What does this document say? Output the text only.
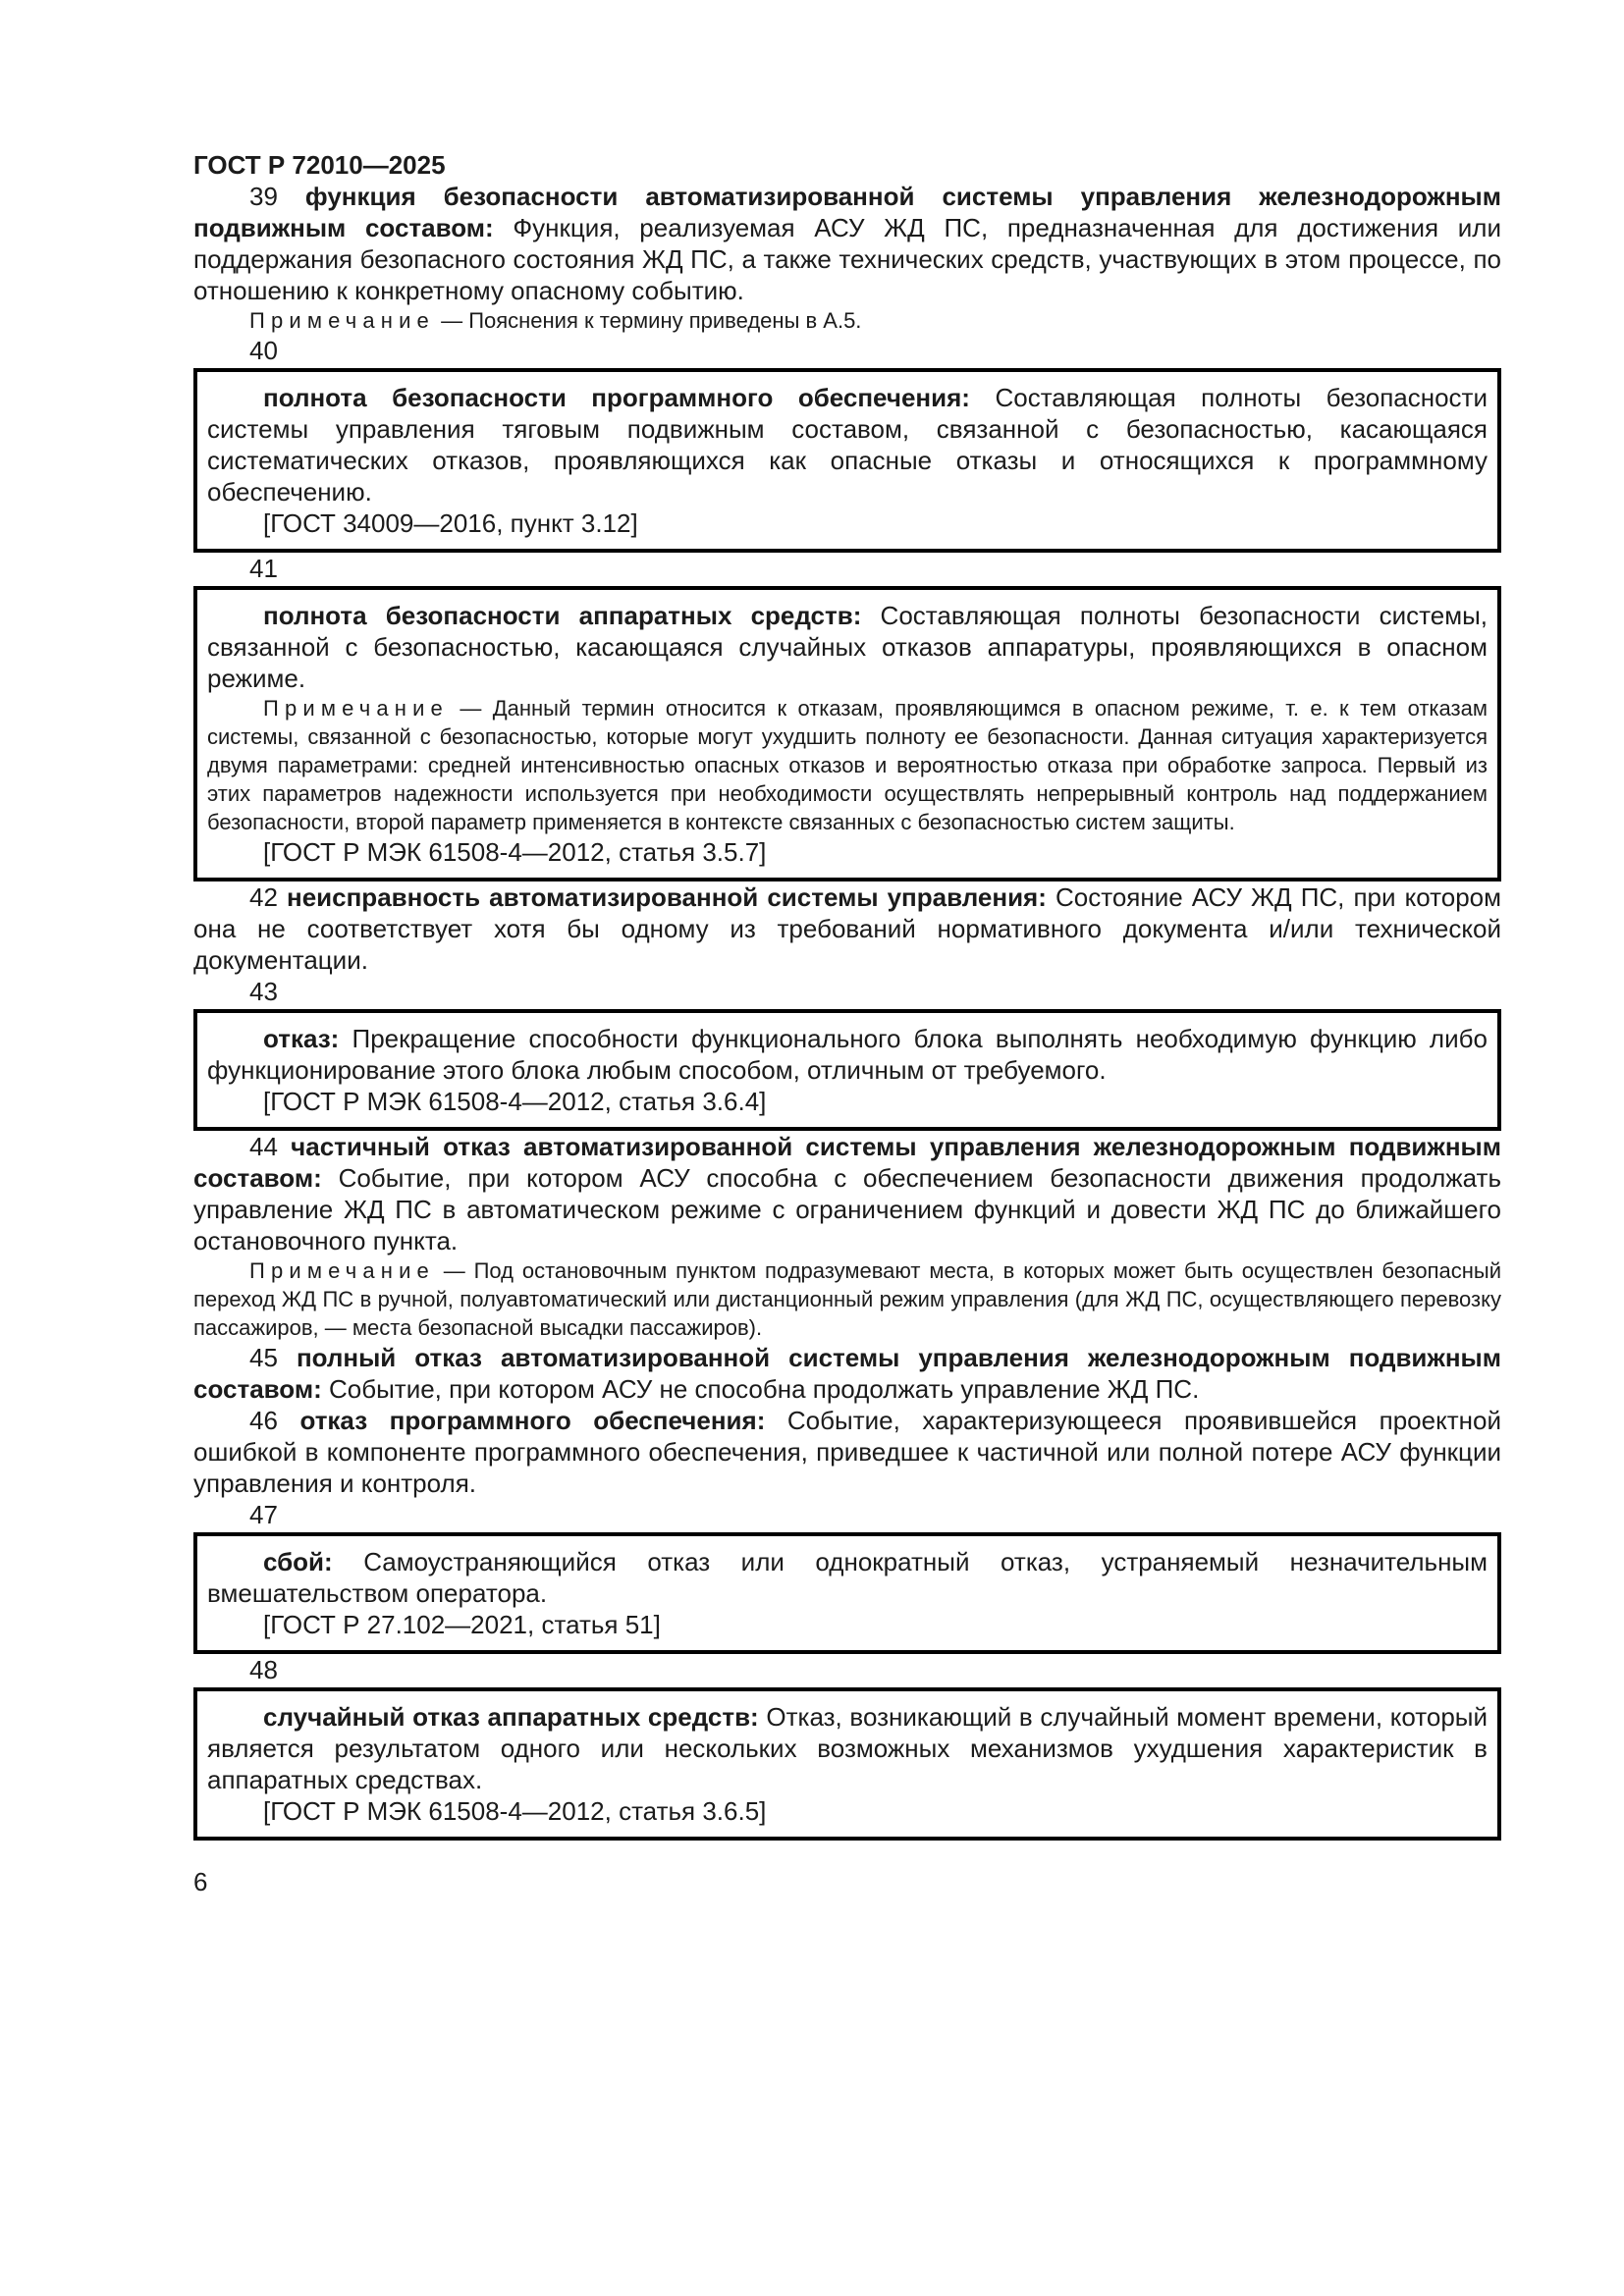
ГОСТ Р 72010—2025

39 функция безопасности автоматизированной системы управления железнодорожным подвижным составом: Функция, реализуемая АСУ ЖД ПС, предназначенная для достижения или поддержания безопасного состояния ЖД ПС, а также технических средств, участвующих в этом процессе, по отношению к конкретному опасному событию.

Примечание — Пояснения к термину приведены в А.5.

40

полнота безопасности программного обеспечения: Составляющая полноты безопасности системы управления тяговым подвижным составом, связанной с безопасностью, касающаяся систематических отказов, проявляющихся как опасные отказы и относящихся к программному обеспечению.

[ГОСТ 34009—2016, пункт 3.12]

41

полнота безопасности аппаратных средств: Составляющая полноты безопасности системы, связанной с безопасностью, касающаяся случайных отказов аппаратуры, проявляющихся в опасном режиме.

Примечание — Данный термин относится к отказам, проявляющимся в опасном режиме, т. е. к тем отказам системы, связанной с безопасностью, которые могут ухудшить полноту ее безопасности. Данная ситуация характеризуется двумя параметрами: средней интенсивностью опасных отказов и вероятностью отказа при обработке запроса. Первый из этих параметров надежности используется при необходимости осуществлять непрерывный контроль над поддержанием безопасности, второй параметр применяется в контексте связанных с безопасностью систем защиты.

[ГОСТ Р МЭК 61508-4—2012, статья 3.5.7]

42 неисправность автоматизированной системы управления: Состояние АСУ ЖД ПС, при котором она не соответствует хотя бы одному из требований нормативного документа и/или технической документации.

43

отказ: Прекращение способности функционального блока выполнять необходимую функцию либо функционирование этого блока любым способом, отличным от требуемого.

[ГОСТ Р МЭК 61508-4—2012, статья 3.6.4]

44 частичный отказ автоматизированной системы управления железнодорожным подвижным составом: Событие, при котором АСУ способна с обеспечением безопасности движения продолжать управление ЖД ПС в автоматическом режиме с ограничением функций и довести ЖД ПС до ближайшего остановочного пункта.

Примечание — Под остановочным пунктом подразумевают места, в которых может быть осуществлен безопасный переход ЖД ПС в ручной, полуавтоматический или дистанционный режим управления (для ЖД ПС, осуществляющего перевозку пассажиров, — места безопасной высадки пассажиров).

45 полный отказ автоматизированной системы управления железнодорожным подвижным составом: Событие, при котором АСУ не способна продолжать управление ЖД ПС.

46 отказ программного обеспечения: Событие, характеризующееся проявившейся проектной ошибкой в компоненте программного обеспечения, приведшее к частичной или полной потере АСУ функции управления и контроля.

47

сбой: Самоустраняющийся отказ или однократный отказ, устраняемый незначительным вмешательством оператора.

[ГОСТ Р 27.102—2021, статья 51]

48

случайный отказ аппаратных средств: Отказ, возникающий в случайный момент времени, который является результатом одного или нескольких возможных механизмов ухудшения характеристик в аппаратных средствах.

[ГОСТ Р МЭК 61508-4—2012, статья 3.6.5]

6
